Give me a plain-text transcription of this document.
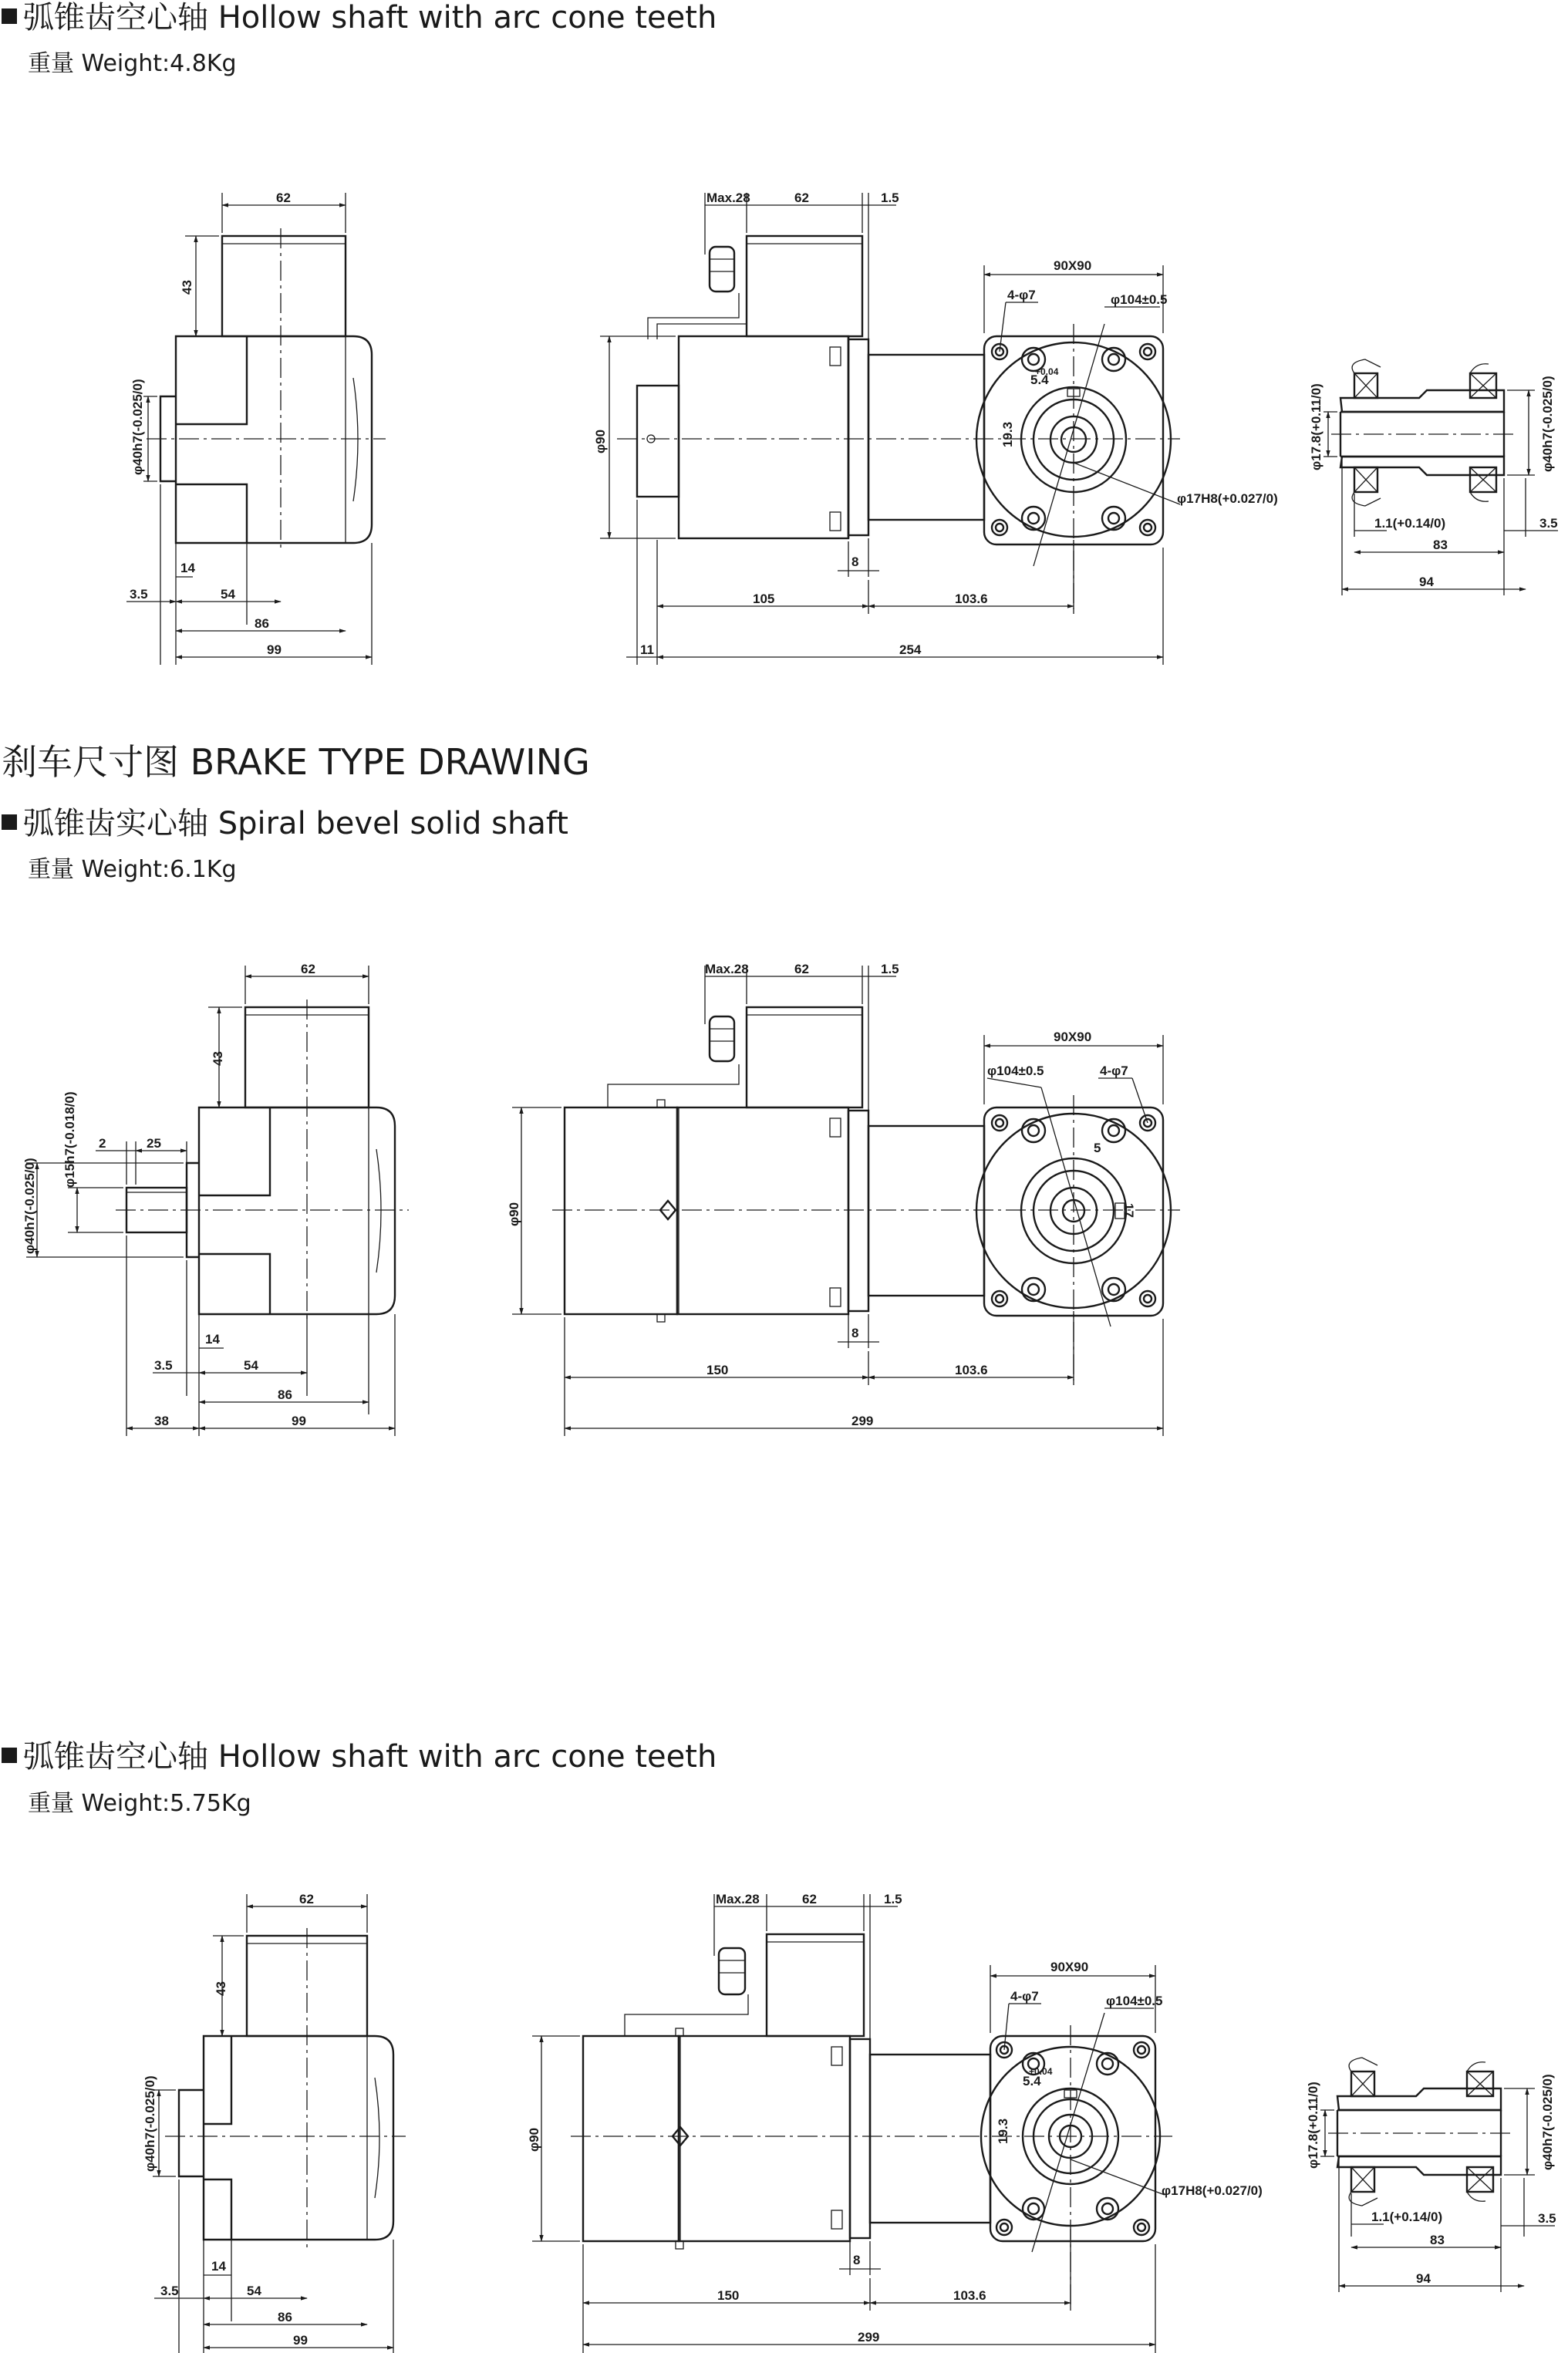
弧锥齿空心轴 Hollow shaft with arc cone teeth
重量 Weight:4.8Kg
62
43
φ40h7(-0.025/0)
14
3.5	54
86
99
Max.28	62	1.5
90X90
4-φ7	φ104±0.5
5.4
+0.04
19.3
φ17H8(+0.027/0)
φ90
8
105	103.6
11	254
φ17.8(+0.11/0)	φ40h7(-0.025/0)
1.1(+0.14/0)
83
3.5
94
刹车尺寸图 BRAKE TYPE DRAWING
弧锥齿实心轴 Spiral bevel solid shaft
重量 Weight:6.1Kg
62
43
φ40h7(-0.025/0)
φ15h7(-0.018/0) 2	25
14
3.5	54
86
38	99
Max.28	62	1.5
90X90
φ104±0.5	4-φ7
5
17
φ90
8
150	103.6
299
弧锥齿空心轴 Hollow shaft with arc cone teeth
重量 Weight:5.75Kg
62
43
φ40h7(-0.025/0)
14
3.5	54
86
99
Max.28	62	1.5
90X90
4-φ7	φ104±0.5
5.4
+0.04
19.3
φ17H8(+0.027/0)
φ90
8
150	103.6
299
φ17.8(+0.11/0)	φ40h7(-0.025/0)
1.1(+0.14/0)
83
3.5
94
